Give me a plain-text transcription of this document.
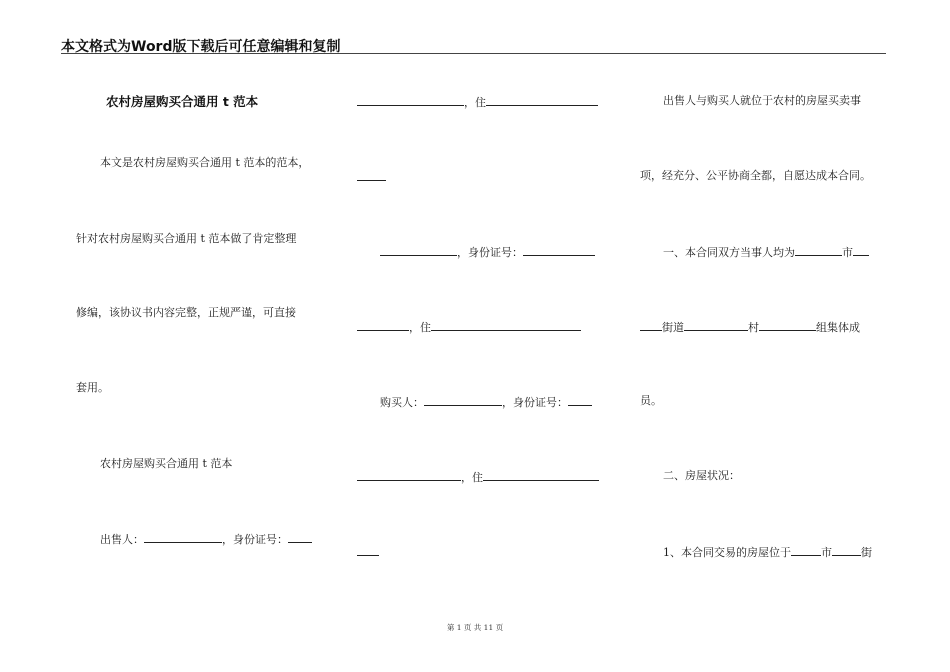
本文格式为Word版下载后可任意编辑和复制
农村房屋购买合通用 t 范本
本文是农村房屋购买合通用 t 范本的范本，
针对农村房屋购买合通用 t 范本做了肯定整理
修编，该协议书内容完整，正规严谨，可直接
套用。
农村房屋购买合通用 t 范本
出售人：	，身份证号：
，住
，身份证号：
，住
购买人：	，身份证号：
，住
出售人与购买人就位于农村的房屋买卖事
项，经充分、公平协商全都，自愿达成本合同。
一、本合同双方当事人均为	市
街道	村	组集体成
员。
二、房屋状况：
1、本合同交易的房屋位于	市	街
第 1 页 共 11 页
